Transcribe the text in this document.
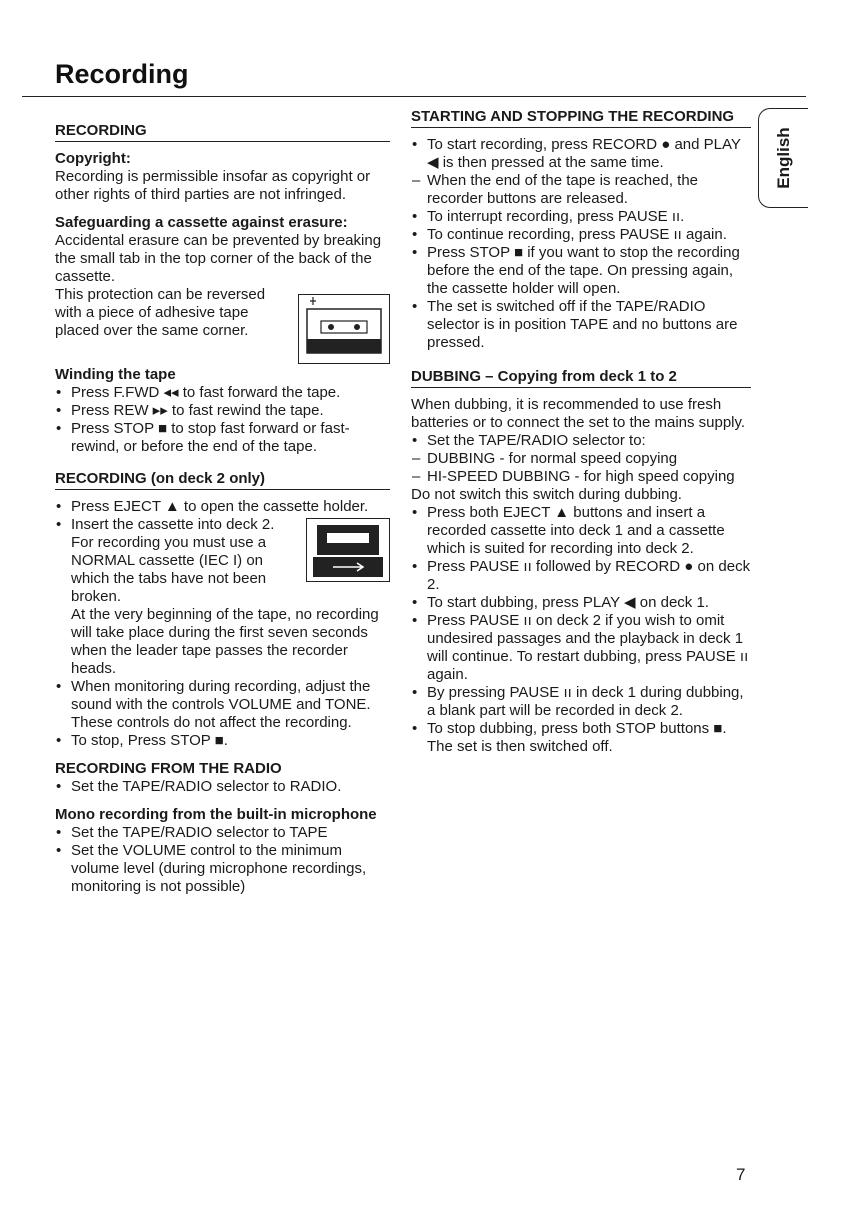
Recording
English
RECORDING
Copyright:

Recording is permissible insofar as copyright or other rights of third parties are not infringed.

Safeguarding a cassette against erasure:

Accidental erasure can be prevented by breaking the small tab in the top corner of the back of the cassette.

This protection can be reversed with a piece of adhesive tape placed over the same corner.

Winding the tape
•
Press F.FWD ◂◂ to fast forward the tape.
•
Press REW ▸▸ to fast rewind the tape.
•
Press STOP ■ to stop fast forward or fast-rewind, or before the end of the tape.
RECORDING (on deck 2 only)
•
Press EJECT ▲ to open the cassette holder.
•
Insert the cassette into deck 2. For recording you must use a NORMAL cassette (IEC I) on which the tabs have not been broken.
At the very beginning of the tape, no recording will take place during the first seven seconds when the leader tape passes the recorder heads.
•
When monitoring during recording, adjust the sound with the controls VOLUME and TONE. These controls do not affect the recording.
•
To stop, Press STOP ■.
RECORDING FROM THE RADIO
•
Set the TAPE/RADIO selector to RADIO.
Mono recording from the built-in microphone
•
Set the TAPE/RADIO selector to TAPE
•
Set the VOLUME control to the minimum volume level (during microphone recordings, monitoring is not possible)
STARTING AND STOPPING THE RECORDING
•
To start recording, press RECORD ● and PLAY ◀ is then pressed at the same time.
–
When the end of the tape is reached, the recorder buttons are released.
•
To interrupt recording, press PAUSE ıı.
•
To continue recording, press PAUSE ıı again.
•
Press STOP ■ if you want to stop the recording before the end of the tape. On pressing again, the cassette holder will open.
•
The set is switched off if the TAPE/RADIO selector is in position TAPE and no buttons are pressed.
DUBBING – Copying from deck 1 to 2

When dubbing, it is recommended to use fresh batteries or to connect the set to the mains supply.

•
Set the TAPE/RADIO selector to:
–
DUBBING - for normal speed copying
–
HI-SPEED DUBBING - for high speed copying

Do not switch this switch during dubbing.

•
Press both EJECT ▲ buttons and insert a recorded cassette into deck 1 and a cassette which is suited for recording into deck 2.
•
Press PAUSE ıı followed by RECORD ● on deck 2.
•
To start dubbing, press PLAY ◀ on deck 1.
•
Press PAUSE ıı on deck 2 if you wish to omit undesired passages and the playback in deck 1 will continue. To restart dubbing, press PAUSE ıı again.
•
By pressing PAUSE ıı in deck 1 during dubbing, a blank part will be recorded in deck 2.
•
To stop dubbing, press both STOP buttons ■. The set is then switched off.
7
